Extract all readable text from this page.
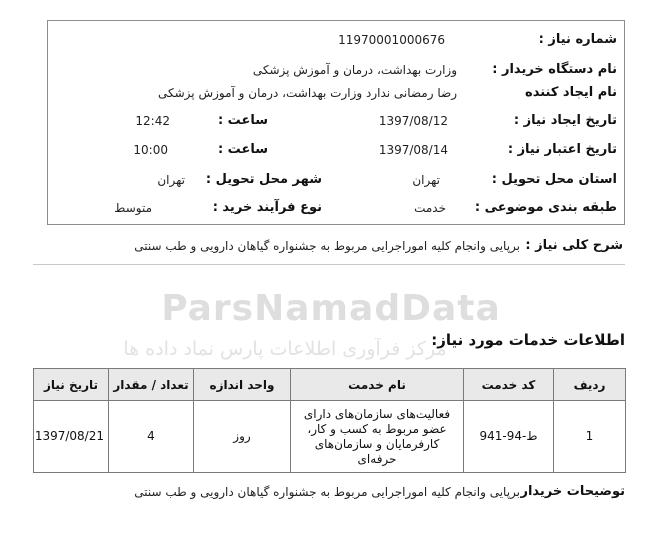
ParsNamadData
مرکز فرآوری اطلاعات پارس نماد داده ها
شماره نیاز :
11970001000676
نام دستگاه خریدار :
وزارت بهداشت، درمان و آموزش پزشکی
نام ایجاد کننده
رضا رمضانی ندارد وزارت بهداشت، درمان و آموزش پزشکی
تاریخ ایجاد نیاز :
1397/08/12
ساعت :
12:42
تاریخ اعتبار نیاز :
1397/08/14
ساعت :
10:00
استان محل تحویل :
تهران
شهر محل تحویل :
تهران
طبقه بندی موضوعی :
خدمت
نوع فرآیند خرید :
متوسط
شرح کلی نیاز :
برپایی وانجام کلیه اموراجرایی مربوط به جشنواره گیاهان دارویی و طب سنتی
اطلاعات خدمات مورد نیاز:
ردیف	کد خدمت	نام خدمت	واحد اندازه	تعداد / مقدار	تاریخ نیاز
1	ط-94-941	فعالیت‌های سازمان‌های دارای عضو مربوط به کسب و کار، کارفرمایان و سازمان‌های حرفه‌ای	روز	4	1397/08/21
توضیحات خریدار
برپایی وانجام کلیه اموراجرایی مربوط به جشنواره گیاهان دارویی و طب سنتی
